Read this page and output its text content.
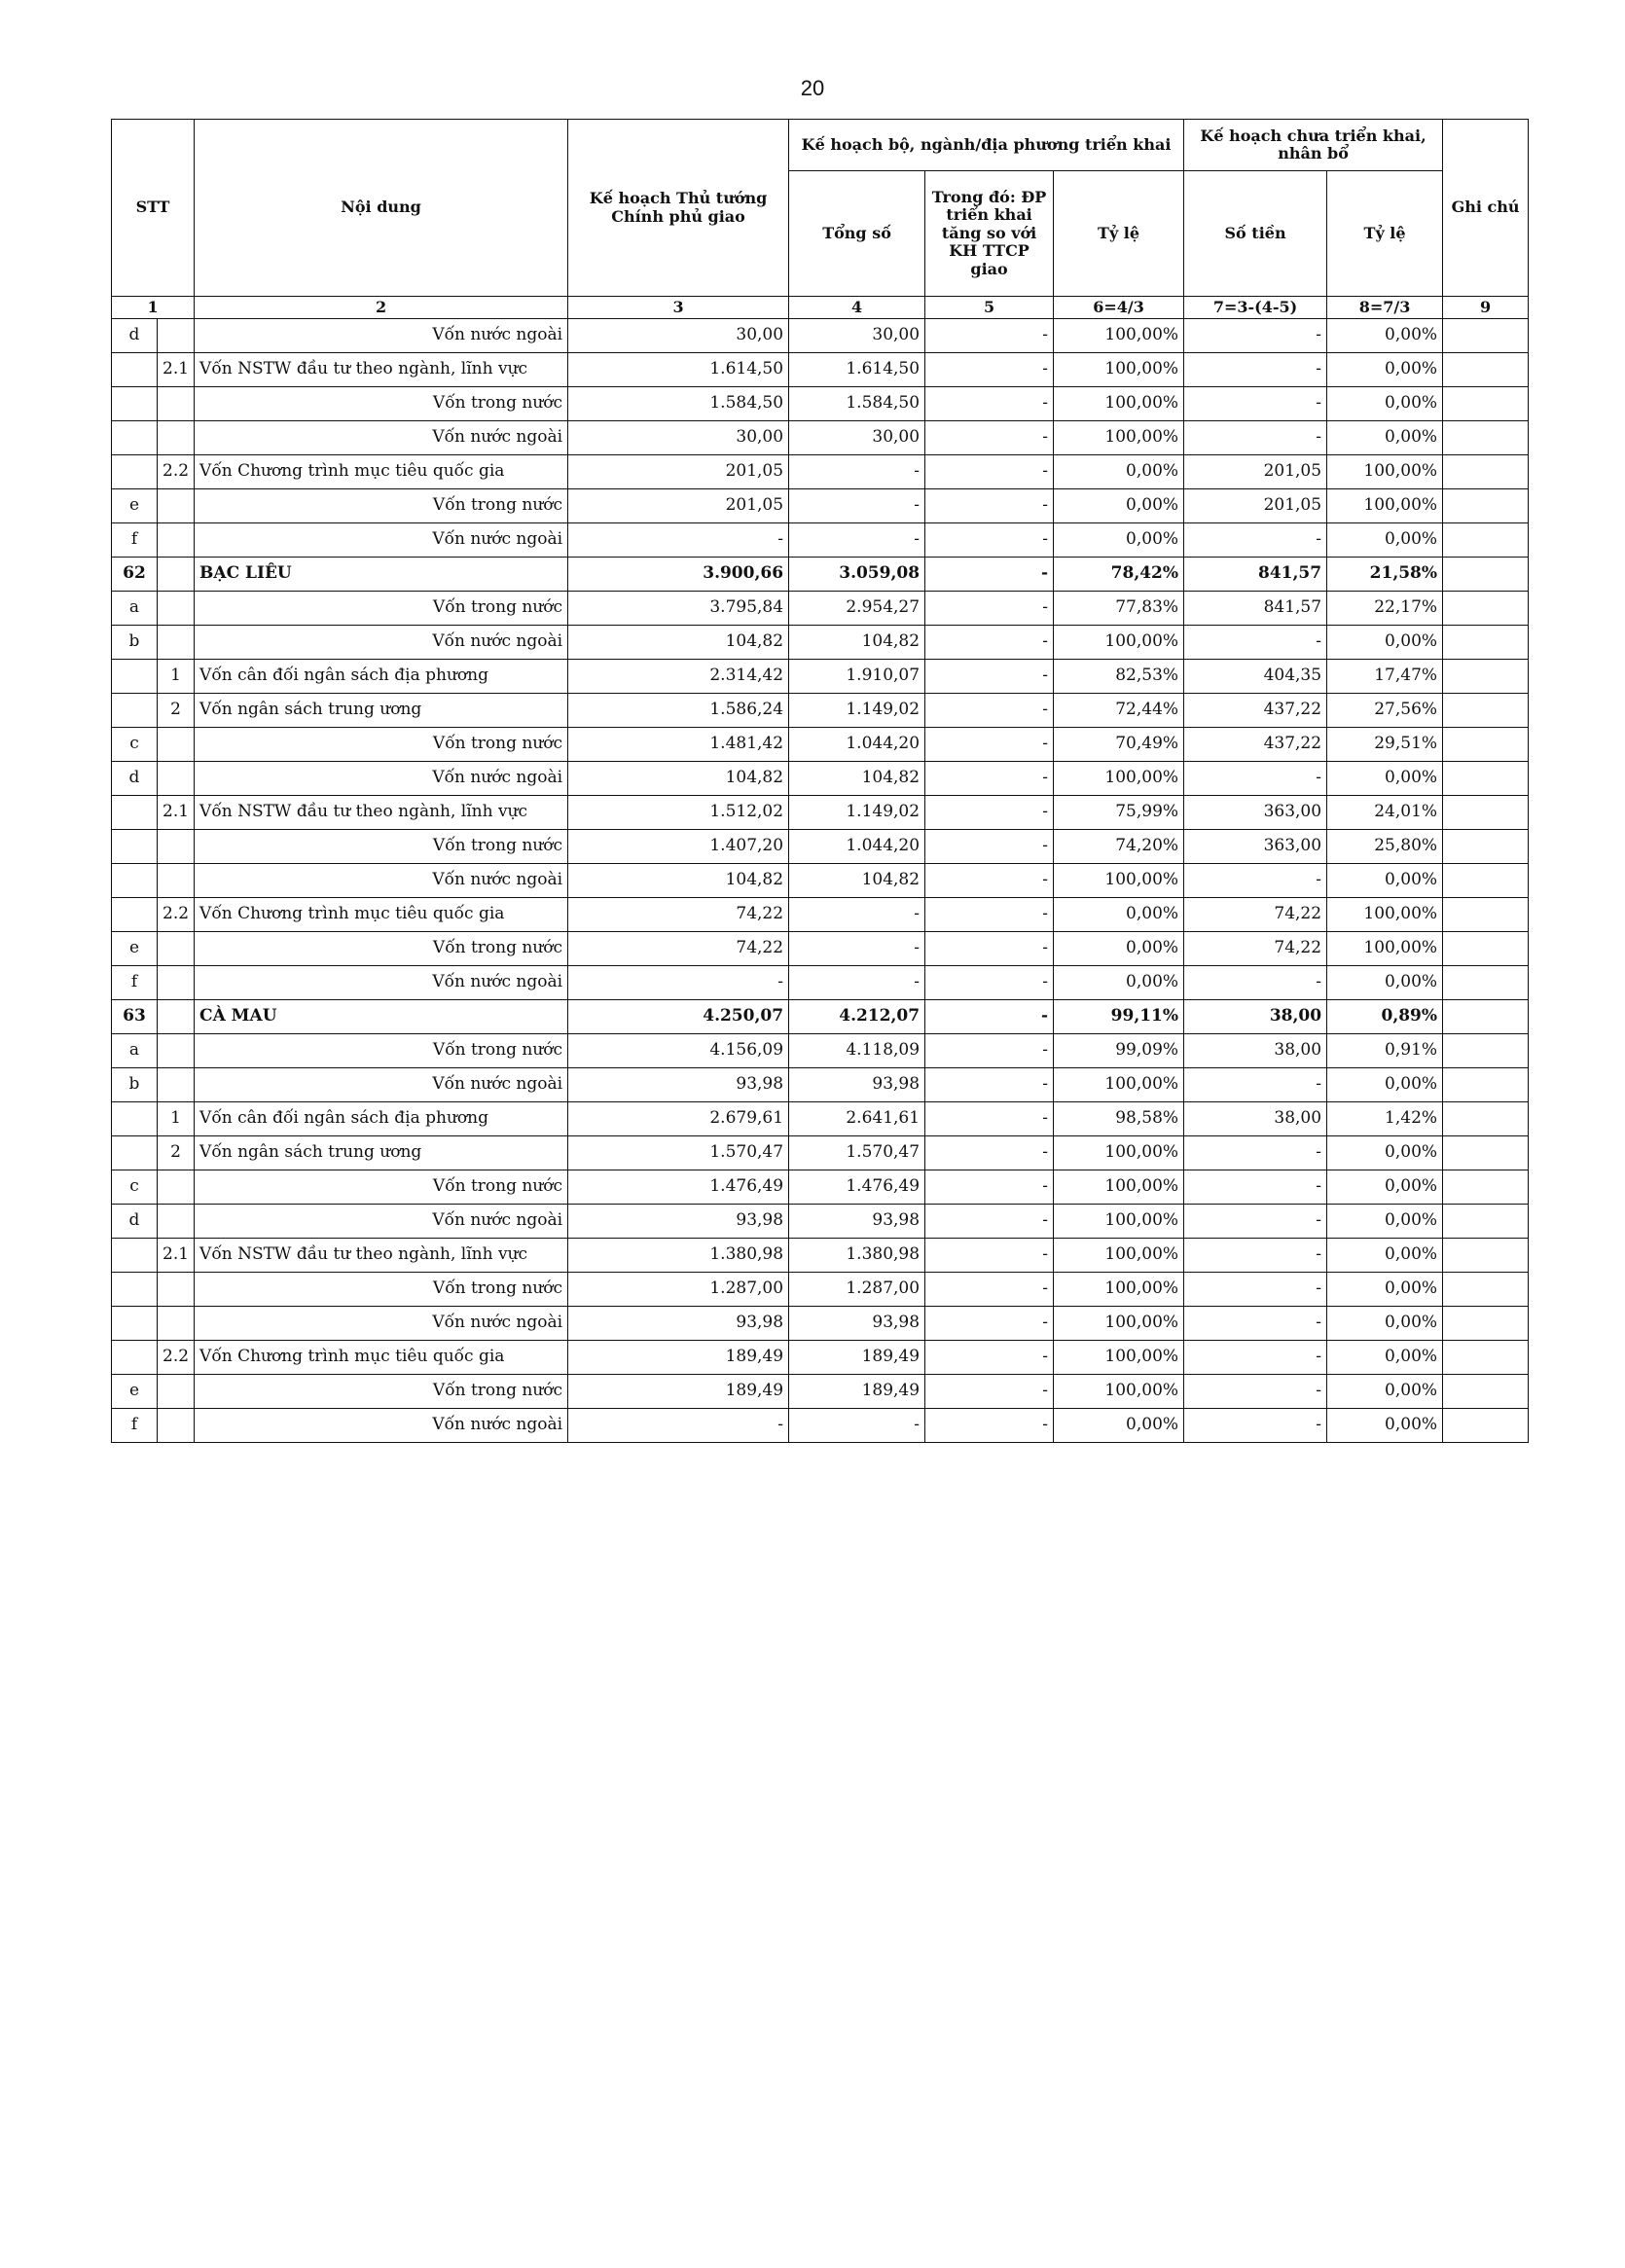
20
STT		Nội dung	Kế hoạch Thủ tướng Chính phủ giao	Kế hoạch bộ, ngành/địa phương triển khai			Kế hoạch chưa triển khai, nhân bổ		Ghi chú
				Tổng số	Trong đó: ĐP triển khai tăng so với KH TTCP giao	Tỷ lệ	Số tiền	Tỷ lệ	
1		2	3	4	5	6=4/3	7=3-(4-5)	8=7/3	9
d		Vốn nước ngoài	30,00	30,00	-	100,00%	-	0,00%	
	2.1	Vốn NSTW đầu tư theo ngành, lĩnh vực	1.614,50	1.614,50	-	100,00%	-	0,00%	
		Vốn trong nước	1.584,50	1.584,50	-	100,00%	-	0,00%	
		Vốn nước ngoài	30,00	30,00	-	100,00%	-	0,00%	
	2.2	Vốn Chương trình mục tiêu quốc gia	201,05	-	-	0,00%	201,05	100,00%	
e		Vốn trong nước	201,05	-	-	0,00%	201,05	100,00%	
f		Vốn nước ngoài	-	-	-	0,00%	-	0,00%	
62		BẠC LIÊU	3.900,66	3.059,08	-	78,42%	841,57	21,58%	
a		Vốn trong nước	3.795,84	2.954,27	-	77,83%	841,57	22,17%	
b		Vốn nước ngoài	104,82	104,82	-	100,00%	-	0,00%	
	1	Vốn cân đối ngân sách địa phương	2.314,42	1.910,07	-	82,53%	404,35	17,47%	
	2	Vốn ngân sách trung ương	1.586,24	1.149,02	-	72,44%	437,22	27,56%	
c		Vốn trong nước	1.481,42	1.044,20	-	70,49%	437,22	29,51%	
d		Vốn nước ngoài	104,82	104,82	-	100,00%	-	0,00%	
	2.1	Vốn NSTW đầu tư theo ngành, lĩnh vực	1.512,02	1.149,02	-	75,99%	363,00	24,01%	
		Vốn trong nước	1.407,20	1.044,20	-	74,20%	363,00	25,80%	
		Vốn nước ngoài	104,82	104,82	-	100,00%	-	0,00%	
	2.2	Vốn Chương trình mục tiêu quốc gia	74,22	-	-	0,00%	74,22	100,00%	
e		Vốn trong nước	74,22	-	-	0,00%	74,22	100,00%	
f		Vốn nước ngoài	-	-	-	0,00%	-	0,00%	
63		CÀ MAU	4.250,07	4.212,07	-	99,11%	38,00	0,89%	
a		Vốn trong nước	4.156,09	4.118,09	-	99,09%	38,00	0,91%	
b		Vốn nước ngoài	93,98	93,98	-	100,00%	-	0,00%	
	1	Vốn cân đối ngân sách địa phương	2.679,61	2.641,61	-	98,58%	38,00	1,42%	
	2	Vốn ngân sách trung ương	1.570,47	1.570,47	-	100,00%	-	0,00%	
c		Vốn trong nước	1.476,49	1.476,49	-	100,00%	-	0,00%	
d		Vốn nước ngoài	93,98	93,98	-	100,00%	-	0,00%	
	2.1	Vốn NSTW đầu tư theo ngành, lĩnh vực	1.380,98	1.380,98	-	100,00%	-	0,00%	
		Vốn trong nước	1.287,00	1.287,00	-	100,00%	-	0,00%	
		Vốn nước ngoài	93,98	93,98	-	100,00%	-	0,00%	
	2.2	Vốn Chương trình mục tiêu quốc gia	189,49	189,49	-	100,00%	-	0,00%	
e		Vốn trong nước	189,49	189,49	-	100,00%	-	0,00%	
f		Vốn nước ngoài	-	-	-	0,00%	-	0,00%	
